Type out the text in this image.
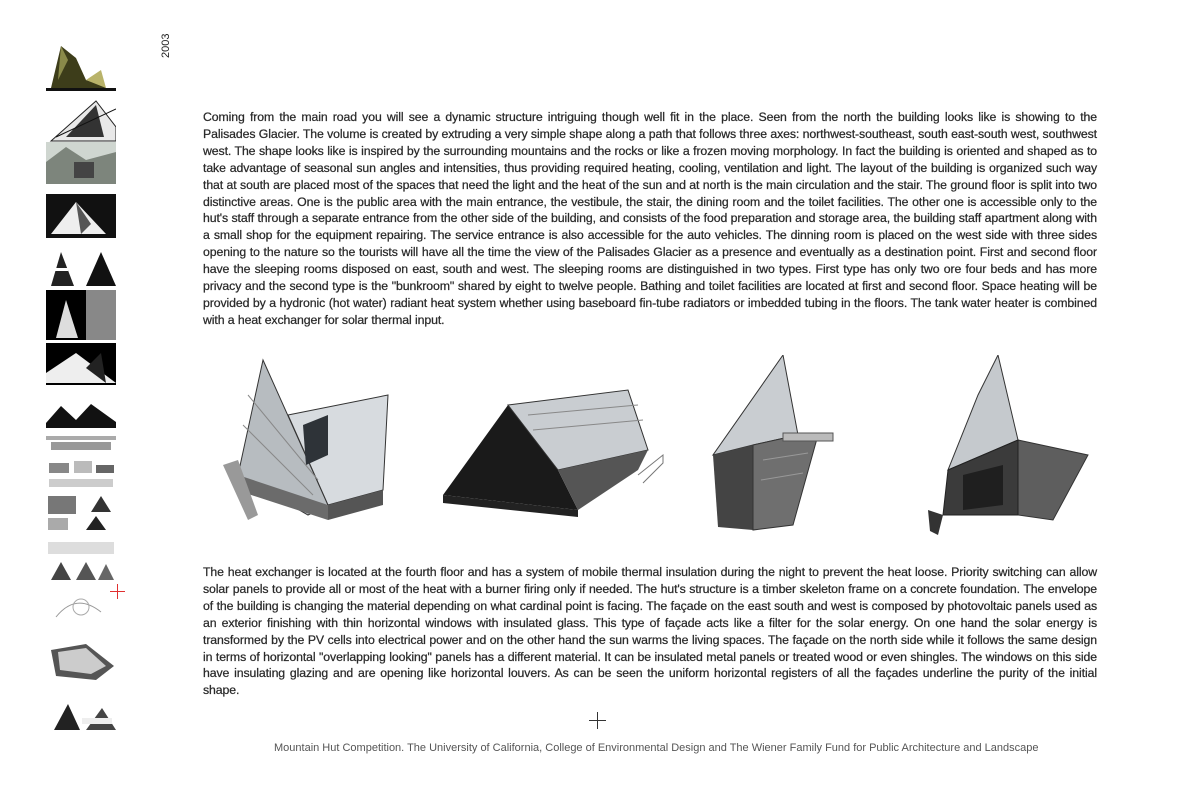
2003
Coming from the main road you will see a dynamic structure intriguing though well fit in the place. Seen from the north the building looks like is showing to the Palisades Glacier. The volume is created by extruding a very simple shape along a path that follows three axes: northwest-southeast, south east-south west, southwest west. The shape looks like is inspired by the surrounding mountains and the rocks or like a frozen moving morphology. In fact the building is oriented and shaped as to take advantage of seasonal sun angles and intensities, thus providing required heating, cooling, ventilation and light. The layout of the building is organized such way that at south are placed most of the spaces that need the light and the heat of the sun and at north is the main circulation and the stair. The ground floor is split into two distinctive areas. One is the public area with the main entrance, the vestibule, the stair, the dining room and the toilet facilities. The other one is accessible only to the hut's staff through a separate entrance from the other side of the building, and consists of the food preparation and storage area, the building staff apartment along with a small shop for the equipment repairing. The service entrance is also accessible for the auto vehicles. The dinning room is placed on the west side with three sides opening to the nature so the tourists will have all the time the view of the Palisades Glacier as a presence and eventually as a destination point. First and second floor have the sleeping rooms disposed on east, south and west. The sleeping rooms are distinguished in two types. First type has only two ore four beds and has more privacy and the second type is the "bunkroom" shared by eight to twelve people. Bathing and toilet facilities are located at first and second floor. Space heating will be provided by a hydronic (hot water) radiant heat system whether using baseboard fin-tube radiators or imbedded tubing in the floors. The tank water heater is combined with a heat exchanger for solar thermal input.
The heat exchanger is located at the fourth floor and has a system of mobile thermal insulation during the night to prevent the heat loose. Priority switching can allow solar panels to provide all or most of the heat with a burner firing only if needed. The hut's structure is a timber skeleton frame on a concrete foundation. The envelope of the building is changing the material depending on what cardinal point is facing. The façade on the east south and west is composed by photovoltaic panels used as an exterior finishing with thin horizontal windows with insulated glass. This type of façade acts like a filter for the solar energy. On one hand the solar energy is transformed by the PV cells into electrical power and on the other hand the sun warms the living spaces. The façade on the north side while it follows the same design in terms of horizontal "overlapping looking" panels has a different material. It can be insulated metal panels or treated wood or even shingles. The windows on this side have insulating glazing and are opening like horizontal louvers. As can be seen the uniform horizontal registers of all the façades underline the purity of the initial shape.
Mountain Hut Competition. The University of California, College of Environmental Design and The Wiener Family Fund for Public Architecture and Landscape
